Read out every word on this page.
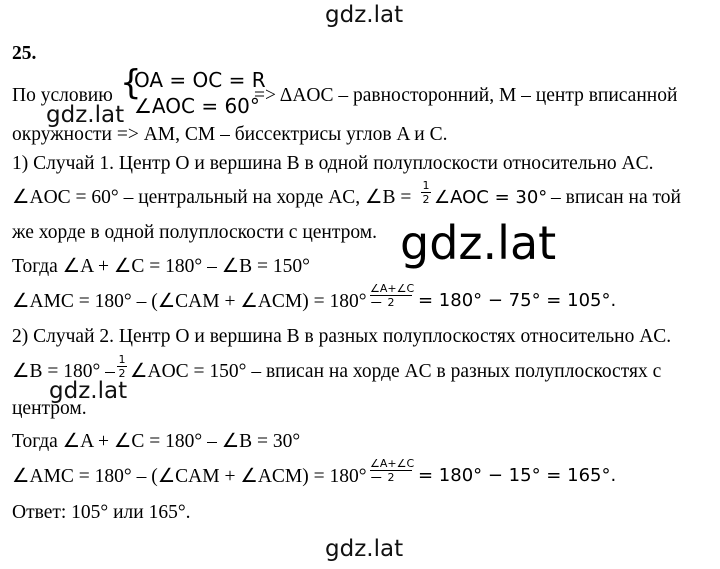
gdz.lat
25.
По условию {
OA = OC = R
∠AOC = 60°
=> ΔAOC – равносторонний, M – центр вписанной
gdz.lat
окружности => AM, CM – биссектрисы углов A и C.
1) Случай 1. Центр O и вершина B в одной полуплоскости относительно AC.
∠AOC = 60° – центральный на хорде AC, ∠B =
1
2 ∠AOC = 30° – вписан на той
же хорде в одной полуплоскости с центром. gdz.lat
Тогда ∠A + ∠C = 180° – ∠B = 150°
∠AMC = 180° – (∠CAM + ∠ACM) = 180° –
∠A+∠C
2	= 180° − 75° = 105°.
2) Случай 2. Центр O и вершина B в разных полуплоскостях относительно AC.
∠B = 180° –
1
2 ∠AOC = 150° – вписан на хорде AC в разных полуплоскостях с
gdz.lat
центром.
Тогда ∠A + ∠C = 180° – ∠B = 30°
∠AMC = 180° – (∠CAM + ∠ACM) = 180° –
∠A+∠C
2	= 180° − 15° = 165°.
Ответ: 105° или 165°.
gdz.lat
